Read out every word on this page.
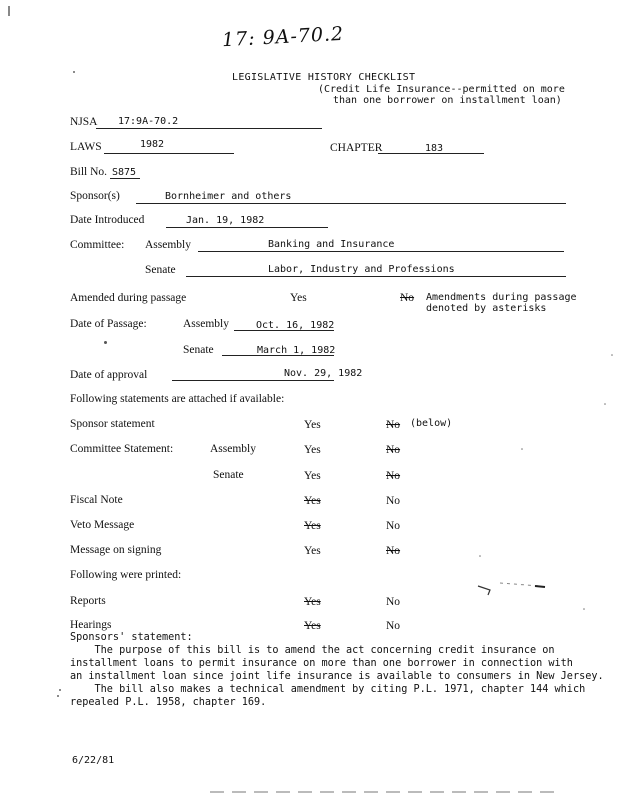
17: 9A-70.2
LEGISLATIVE HISTORY CHECKLIST
(Credit Life Insurance--permitted on more
than one borrower on installment loan)
NJSA 17:9A-70.2
LAWS	1982	CHAPTER	183
Bill No. S875
Sponsor(s)	Bornheimer and others
Date Introduced	Jan. 19, 1982
Committee: Assembly	Banking and Insurance
Senate	Labor, Industry and Professions
Amended during passage	Yes	No Amendments during passage
denoted by asterisks
Date of Passage:	Assembly	Oct. 16, 1982
Senate	March 1, 1982
Date of approval	Nov. 29, 1982
Following statements are attached if available:
Sponsor statement	Yes	No (below)
Committee Statement:	Assembly	Yes	No
Senate	Yes	No
Fiscal Note	Yes	No
Veto Message	Yes	No
Message on signing	Yes	No
Following were printed:
Reports	Yes	No
Hearings	Yes	No
Sponsors' statement:
The purpose of this bill is to amend the act concerning credit insurance on
installment loans to permit insurance on more than one borrower in connection with
an installment loan since joint life insurance is available to consumers in New Jersey.
The bill also makes a technical amendment by citing P.L. 1971, chapter 144 which
repealed P.L. 1958, chapter 169.
6/22/81
